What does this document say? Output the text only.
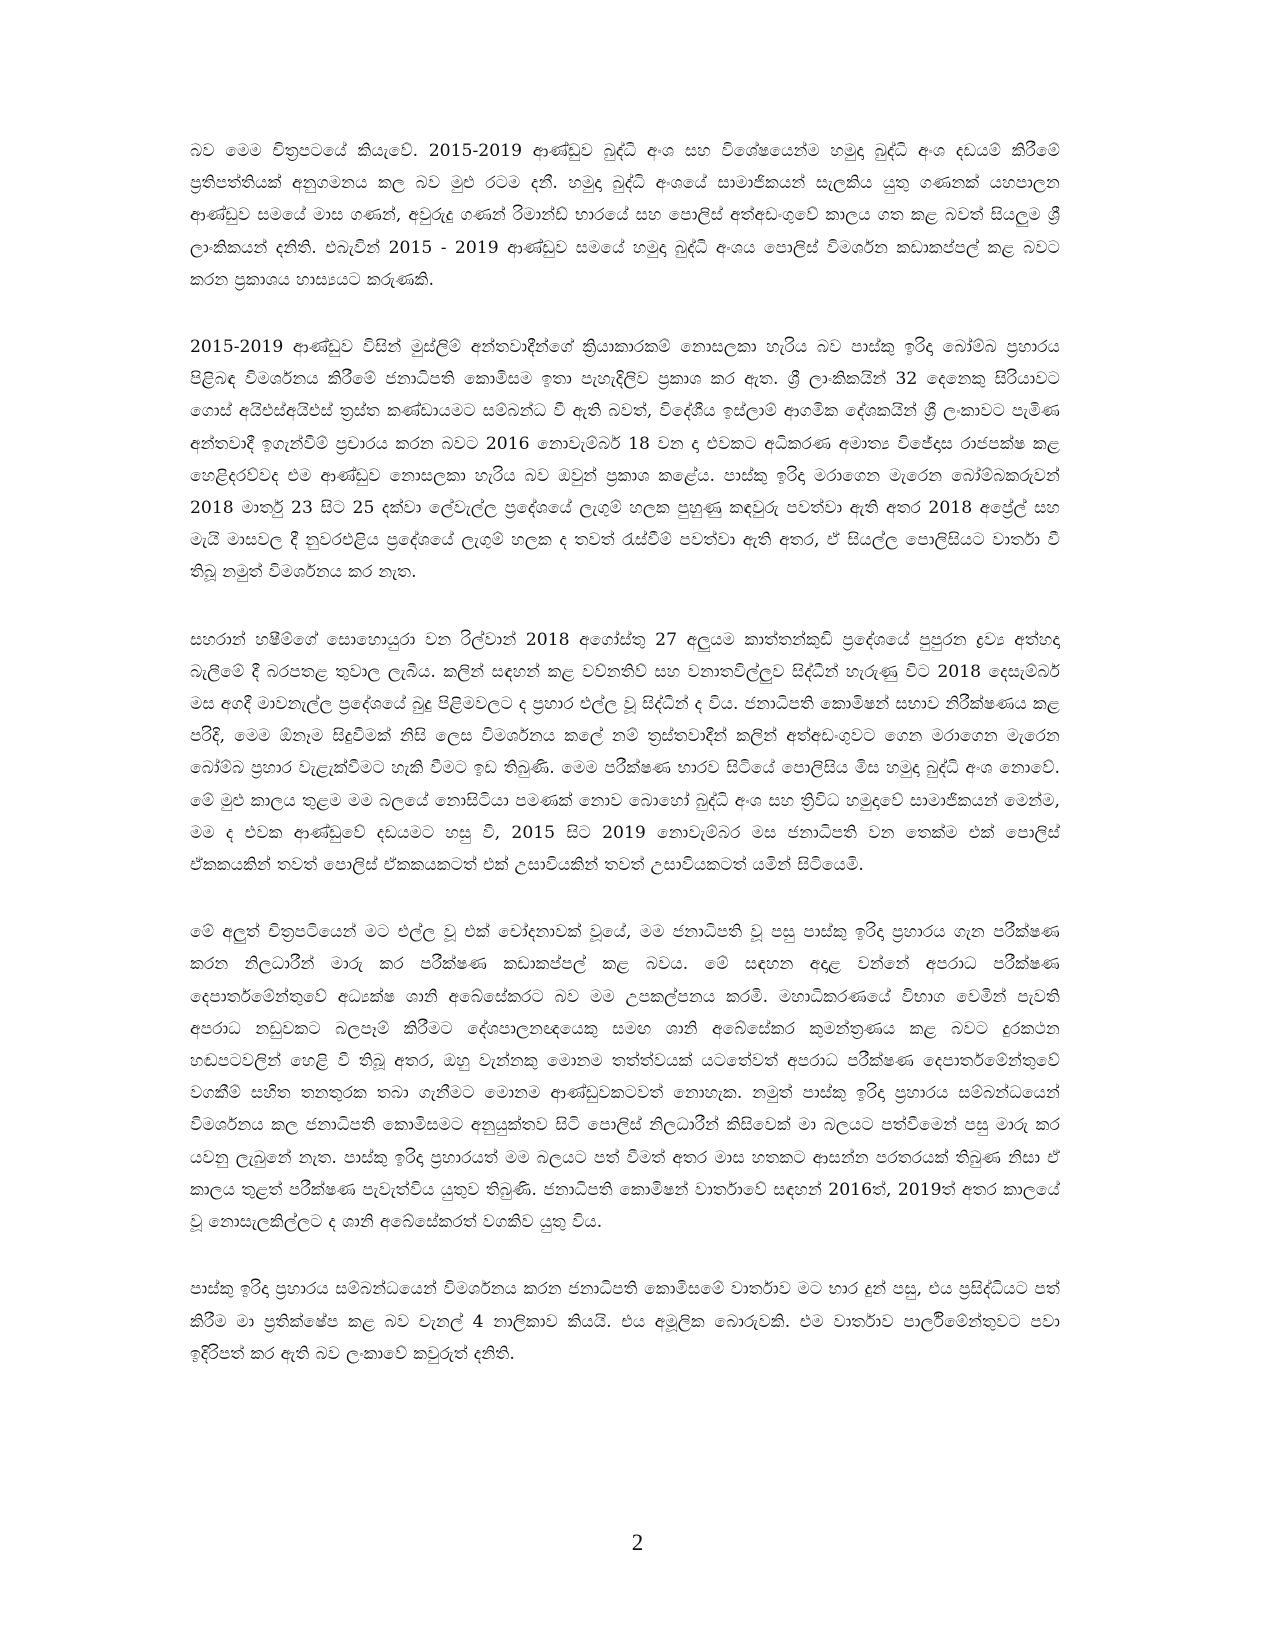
බව මෙම චිත්‍රපටයේ කියැවේ. 2015-2019 ආණ්ඩුව බුද්ධි අංශ සහ විශේෂයෙන්ම හමුදා බුද්ධි අංශ දඩයම් කිරීමේ ප්‍රතිපත්තියක් අනුගමනය කල බව මුළු රටම දනී. හමුදා බුද්ධි අංශයේ සාමාජිකයන් සැලකිය යුතු ගණනක් යහපාලන ආණ්ඩුව සමයේ මාස ගණන්, අවුරුදු ගණන් රිමාන්ඩ් භාරයේ සහ පොලිස් අත්අඩංගුවේ කාලය ගත කළ බවත් සියලුම ශ්‍රී ලාංකිකයන් දනිති. එබැවින් 2015 - 2019 ආණ්ඩුව සමයේ හමුදා බුද්ධි අංශය පොලිස් විමර්ශන කඩාකප්පල් කළ බවට කරන ප්‍රකාශය හාස්‍යයට කරුණකි.

2015-2019 ආණ්ඩුව විසින් මුස්ලිම් අන්තවාදීන්ගේ ක්‍රියාකාරකම් නොසලකා හැරිය බව පාස්කු ඉරිදා බෝම්බ ප්‍රහාරය පිළිබඳ විමර්ශනය කිරීමේ ජනාධිපති කොමිසම ඉතා පැහැදිලිව ප්‍රකාශ කර ඇත. ශ්‍රී ලාංකිකයින් 32 දෙනෙකු සිරියාවට ගොස් අයිඑස්අයිඑස් ත්‍රස්ත කණ්ඩායමට සම්බන්ධ වී ඇති බවත්, විදේශීය ඉස්ලාම් ආගමික දේශකයින් ශ්‍රී ලංකාවට පැමිණ අන්තවාදී ඉගැන්වීම් ප්‍රචාරය කරන බවට 2016 නොවැම්බර් 18 වන දා එවකට අධිකරණ අමාත්‍ය විජේදාස රාජපක්ෂ කළ හෙළිදරව්වද එම ආණ්ඩුව නොසලකා හැරිය බව ඔවුන් ප්‍රකාශ කළේය. පාස්කු ඉරිදා මරාගෙන මැරෙන බෝම්බකරුවන් 2018 මාර්තු 23 සිට 25 දක්වා ලේවැල්ල ප්‍රදේශයේ ලැගුම් හලක පුහුණු කඳවුරු පවත්වා ඇති අතර 2018 අප්‍රේල් සහ මැයි මාසවල දී නුවරඑළිය ප්‍රදේශයේ ලැගුම් හලක ද තවත් රැස්වීම් පවත්වා ඇති අතර, ඒ සියල්ල පොලිසියට වාර්තා වී තිබූ නමුත් විමර්ශනය කර නැත.

සහරාන් හෂීම්ගේ සොහොයුරා වන රිල්වාන් 2018 අගෝස්තු 27 අලුයම කාත්තන්කුඩි ප්‍රදේශයේ පුපුරන ද්‍රව්‍ය අත්හදා බැලීමේ දී බරපතළ තුවාල ලැබීය. කලින් සඳහන් කළ වව්නතිව් සහ වනාතවිල්ලුව සිද්ධීන් හැරුණු විට 2018 දෙසැම්බර් මස අගදී මාවනැල්ල ප්‍රදේශයේ බුදු පිළිමවලට ද ප්‍රහාර එල්ල වූ සිද්ධීන් ද විය. ජනාධිපති කොමිෂන් සභාව නිරීක්ෂණය කළ පරිදි, මෙම ඕනෑම සිදුවීමක් නිසි ලෙස විමර්ශනය කලේ නම් ත්‍රස්තවාදීන් කලින් අත්අඩංගුවට ගෙන මරාගෙන මැරෙන බෝම්බ ප්‍රහාර වැළැක්වීමට හැකි වීමට ඉඩ තිබුණි. මෙම පරීක්ෂණ භාරව සිටියේ පොලිසිය මිස හමුදා බුද්ධි අංශ නොවේ. මේ මුළු කාලය තුළම මම බලයේ නොසිටියා පමණක් නොව බොහෝ බුද්ධි අංශ සහ ත්‍රිවිධ හමුදාවේ සාමාජිකයන් මෙන්ම, මම ද එවක ආණ්ඩුවේ දඩයමට හසු වී, 2015 සිට 2019 නොවැම්බර මස ජනාධිපති වන තෙක්ම එක් පොලිස් ඒකකයකින් තවත් පොලිස් ඒකකයකටත් එක් උසාවියකින් තවත් උසාවියකටත් යමින් සිටියෙමි.

මේ අලුත් චිත්‍රපටියෙන් මට එල්ල වූ එක් චෝදනාවක් වූයේ, මම ජනාධිපති වූ පසු පාස්කු ඉරිදා ප්‍රහාරය ගැන පරීක්ෂණ කරන නිලධාරීන් මාරු කර පරීක්ෂණ කඩාකප්පල් කළ බවය. මේ සඳහන අදාළ වන්නේ අපරාධ පරීක්ෂණ දෙපාර්තමේන්තුවේ අධ්‍යක්ෂ ශානි අබේසේකරට බව මම උපකල්පනය කරමි. මහාධිකරණයේ විභාග වෙමින් පැවති අපරාධ නඩුවකට බලපෑම් කිරීමට දේශපාලනඥයෙකු සමඟ ශානි අබේසේකර කුමන්ත්‍රණය කළ බවට දුරකථන හඬපටවලින් හෙළි වී තිබූ අතර, ඔහු වැන්නකු මොනම තත්ත්වයක් යටතේවත් අපරාධ පරීක්ෂණ දෙපාර්තමේන්තුවේ වගකීම් සහිත තනතුරක තබා ගැනීමට මොනම ආණ්ඩුවකටවත් නොහැක. නමුත් පාස්කු ඉරිදා ප්‍රහාරය සම්බන්ධයෙන් විමර්ශනය කල ජනාධිපති කොමිසමට අනුයුක්තව සිටි පොලිස් නිලධාරීන් කිසිවෙක් මා බලයට පත්වීමෙන් පසු මාරු කර යවනු ලැබුනේ නැත. පාස්කු ඉරිදා ප්‍රහාරයත් මම බලයට පත් වීමත් අතර මාස හතකට ආසන්න පරතරයක් තිබුණ නිසා ඒ කාලය තුළත් පරීක්ෂණ පැවැත්විය යුතුව තිබුණි. ජනාධිපති කොමිෂන් වාර්තාවේ සඳහන් 2016ත්, 2019ත් අතර කාලයේ වූ නොසැලකිල්ලට ද ශානි අබේසේකරත් වගකිව යුතු විය.

පාස්කු ඉරිදා ප්‍රහාරය සම්බන්ධයෙන් විමර්ශනය කරන ජනාධිපති කොමිසමේ වාර්තාව මට භාර දුන් පසු, එය ප්‍රසිද්ධියට පත් කිරීම මා ප්‍රතික්ෂේප කළ බව චැනල් 4 නාලිකාව කියයි. එය අමූලික බොරුවකි. එම වාර්තාව පාර්ලිමේන්තුවට පවා ඉදිරිපත් කර ඇති බව ලංකාවේ කවුරුත් දනිති.

2
